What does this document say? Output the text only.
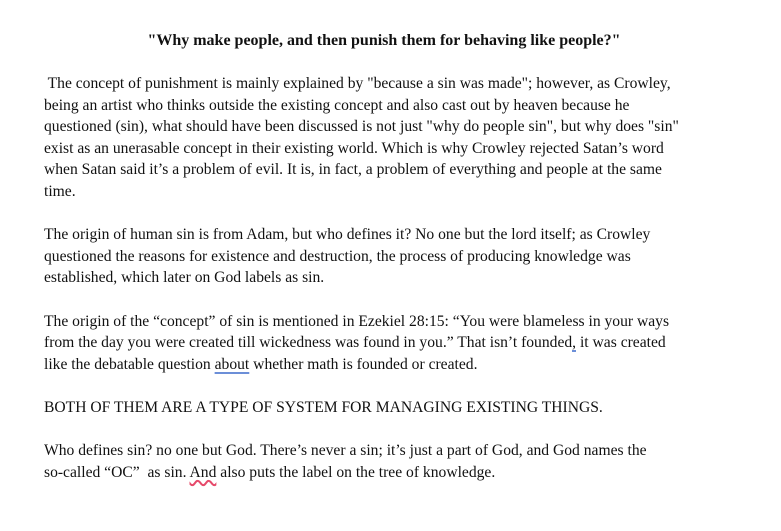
"Why make people, and then punish them for behaving like people?"
The concept of punishment is mainly explained by "because a sin was made"; however, as Crowley,
being an artist who thinks outside the existing concept and also cast out by heaven because he
questioned (sin), what should have been discussed is not just "why do people sin", but why does "sin"
exist as an unerasable concept in their existing world. Which is why Crowley rejected Satan’s word
when Satan said it’s a problem of evil. It is, in fact, a problem of everything and people at the same
time.
The origin of human sin is from Adam, but who defines it? No one but the lord itself; as Crowley
questioned the reasons for existence and destruction, the process of producing knowledge was
established, which later on God labels as sin.
The origin of the “concept” of sin is mentioned in Ezekiel 28:15: “You were blameless in your ways
from the day you were created till wickedness was found in you.” That isn’t founded, it was created
like the debatable question about whether math is founded or created.
BOTH OF THEM ARE A TYPE OF SYSTEM FOR MANAGING EXISTING THINGS.
Who defines sin? no one but God. There’s never a sin; it’s just a part of God, and God names the
so-called “OC”  as sin. And also puts the label on the tree of knowledge.
